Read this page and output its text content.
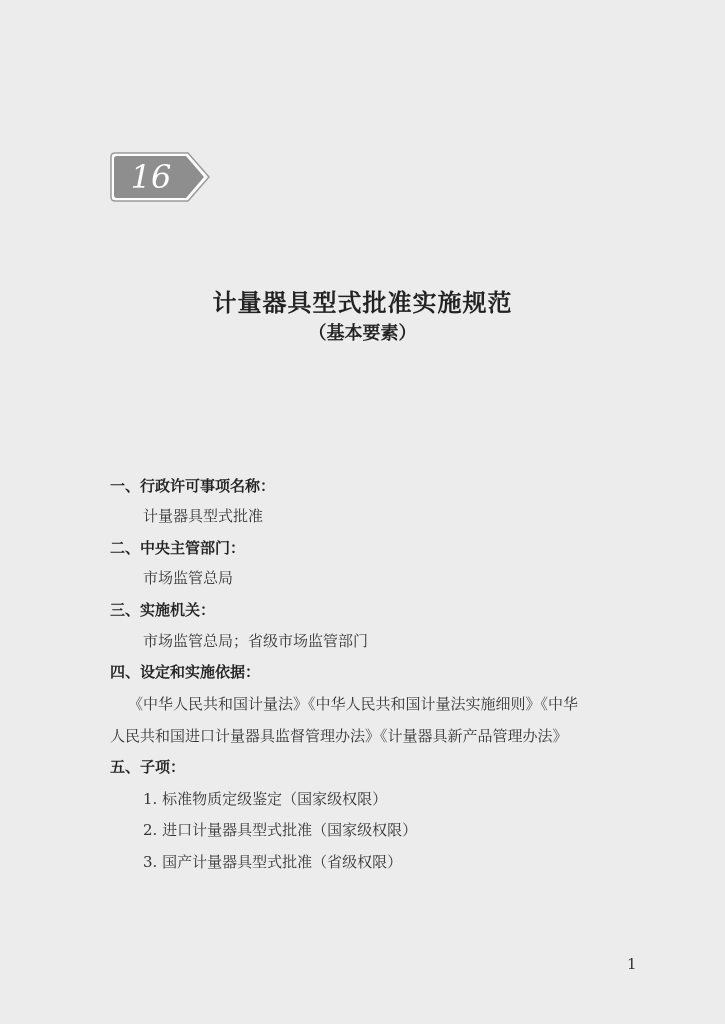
16
计量器具型式批准实施规范
（基本要素）
一、行政许可事项名称：
计量器具型式批准
二、中央主管部门：
市场监管总局
三、实施机关：
市场监管总局；省级市场监管部门
四、设定和实施依据：
《中华人民共和国计量法》《中华人民共和国计量法实施细则》《中华
人民共和国进口计量器具监督管理办法》《计量器具新产品管理办法》
五、子项：
1. 标准物质定级鉴定（国家级权限）
2. 进口计量器具型式批准（国家级权限）
3. 国产计量器具型式批准（省级权限）
1
